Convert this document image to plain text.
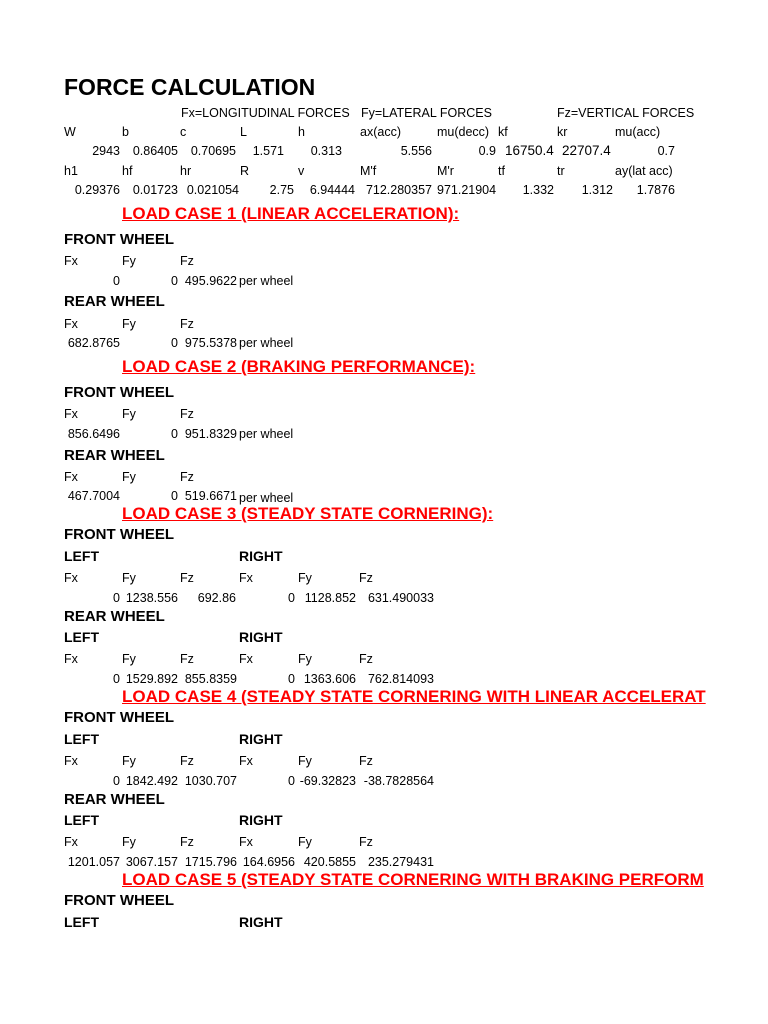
FORCE CALCULATION
Fx=LONGITUDINAL FORCES Fy=LATERAL FORCES	Fz=VERTICAL FORCES
W	b	c	L	h	ax(acc)	mu(decc) kf	kr	mu(acc)
2943	0.86405	0.70695	1.571	0.313	5.556	0.9 16750.4 22707.4	0.7
h1	hf	hr	R	v	M'f	M'r	tf	tr	ay(lat acc)
0.29376	0.01723 0.021054	2.75	6.94444 712.280357 971.21904	1.332	1.312	1.7876
LOAD CASE 1 (LINEAR ACCELERATION):
FRONT WHEEL
Fx	Fy	Fz
0	0 495.9622 per wheel
REAR WHEEL
Fx	Fy	Fz
682.8765	0 975.5378 per wheel
LOAD CASE 2 (BRAKING PERFORMANCE):
FRONT WHEEL
Fx	Fy	Fz
856.6496	0 951.8329 per wheel
REAR WHEEL
Fx	Fy	Fz
467.7004	0 519.6671 per wheel
LOAD CASE 3 (STEADY STATE CORNERING):
FRONT WHEEL
LEFT	RIGHT
Fx	Fy	Fz	Fx	Fy	Fz
0 1238.556	692.86	0 1128.852 631.490033
REAR WHEEL
LEFT	RIGHT
Fx	Fy	Fz	Fx	Fy	Fz
0 1529.892 855.8359	0 1363.606 762.814093
LOAD CASE 4 (STEADY STATE CORNERING WITH LINEAR ACCELERAT
FRONT WHEEL
LEFT	RIGHT
Fx	Fy	Fz	Fx	Fy	Fz
0 1842.492 1030.707	0 -69.32823 -38.7828564
REAR WHEEL
LEFT	RIGHT
Fx	Fy	Fz	Fx	Fy	Fz
1201.057 3067.157 1715.796 164.6956 420.5855 235.279431
LOAD CASE 5 (STEADY STATE CORNERING WITH BRAKING PERFORM
FRONT WHEEL
LEFT	RIGHT
